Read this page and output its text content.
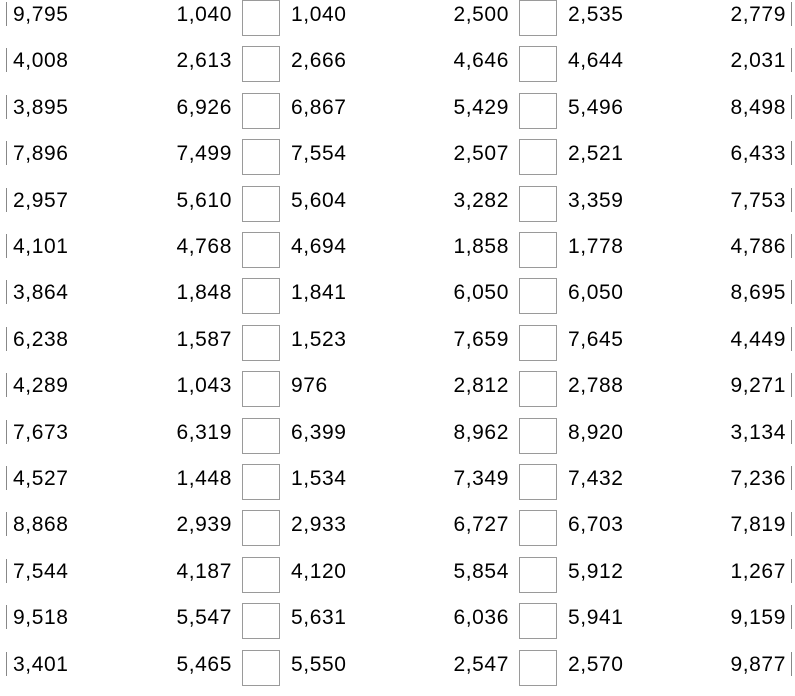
9,795	1,040	1,040	2,500	2,535	2,779
4,008	2,613	2,666	4,646	4,644	2,031
3,895	6,926	6,867	5,429	5,496	8,498
7,896	7,499	7,554	2,507	2,521	6,433
2,957	5,610	5,604	3,282	3,359	7,753
4,101	4,768	4,694	1,858	1,778	4,786
3,864	1,848	1,841	6,050	6,050	8,695
6,238	1,587	1,523	7,659	7,645	4,449
4,289	1,043	976	2,812	2,788	9,271
7,673	6,319	6,399	8,962	8,920	3,134
4,527	1,448	1,534	7,349	7,432	7,236
8,868	2,939	2,933	6,727	6,703	7,819
7,544	4,187	4,120	5,854	5,912	1,267
9,518	5,547	5,631	6,036	5,941	9,159
3,401	5,465	5,550	2,547	2,570	9,877
